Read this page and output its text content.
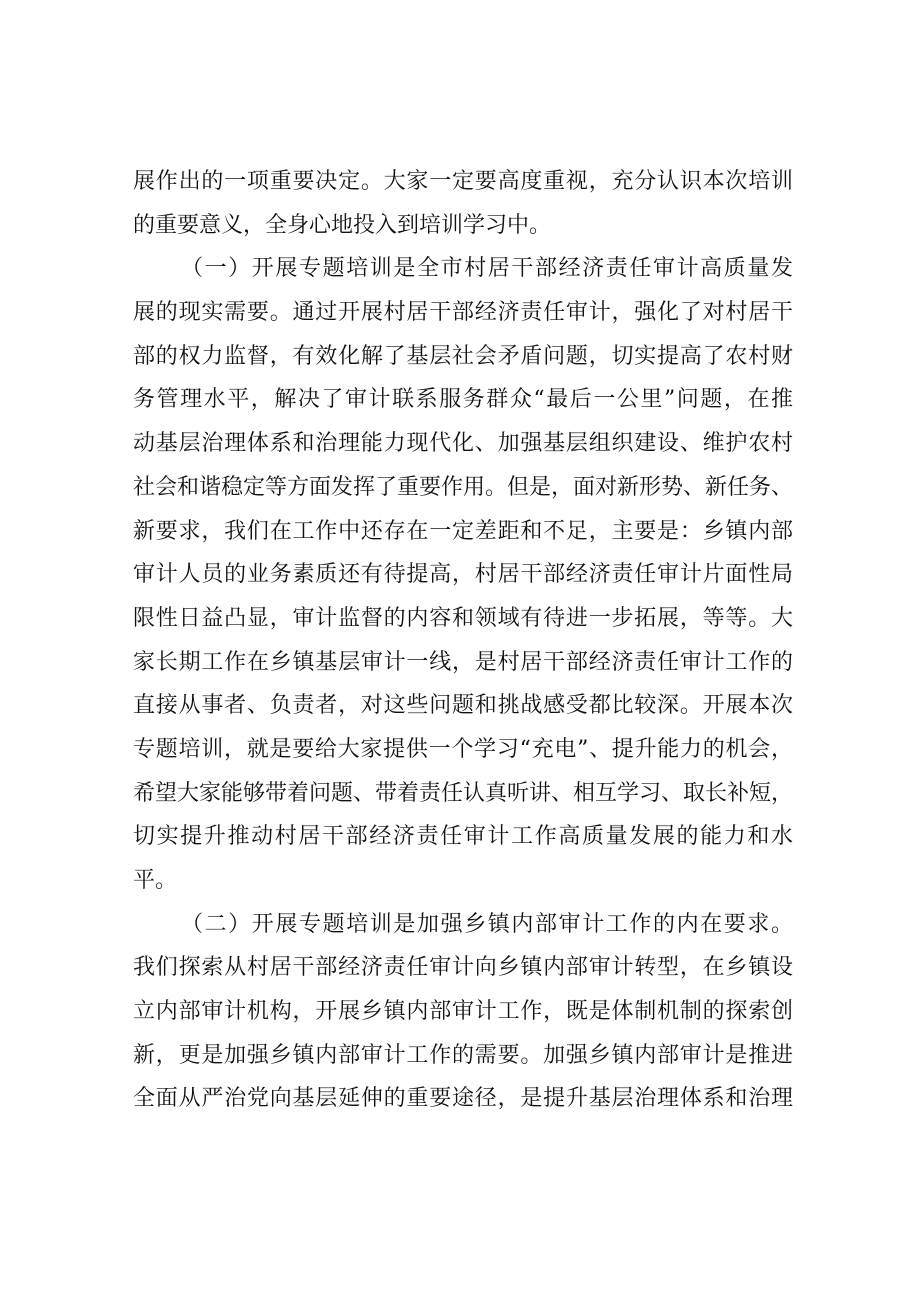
展作出的一项重要决定。大家一定要高度重视，充分认识本次培训
的重要意义，全身心地投入到培训学习中。
（一）开展专题培训是全市村居干部经济责任审计高质量发
展的现实需要。通过开展村居干部经济责任审计，强化了对村居干
部的权力监督，有效化解了基层社会矛盾问题，切实提高了农村财
务管理水平，解决了审计联系服务群众“最后一公里”问题，在推
动基层治理体系和治理能力现代化、加强基层组织建设、维护农村
社会和谐稳定等方面发挥了重要作用。但是，面对新形势、新任务、
新要求，我们在工作中还存在一定差距和不足，主要是：乡镇内部
审计人员的业务素质还有待提高，村居干部经济责任审计片面性局
限性日益凸显，审计监督的内容和领域有待进一步拓展，等等。大
家长期工作在乡镇基层审计一线，是村居干部经济责任审计工作的
直接从事者、负责者，对这些问题和挑战感受都比较深。开展本次
专题培训，就是要给大家提供一个学习“充电”、提升能力的机会，
希望大家能够带着问题、带着责任认真听讲、相互学习、取长补短，
切实提升推动村居干部经济责任审计工作高质量发展的能力和水
平。
（二）开展专题培训是加强乡镇内部审计工作的内在要求。
我们探索从村居干部经济责任审计向乡镇内部审计转型，在乡镇设
立内部审计机构，开展乡镇内部审计工作，既是体制机制的探索创
新，更是加强乡镇内部审计工作的需要。加强乡镇内部审计是推进
全面从严治党向基层延伸的重要途径，是提升基层治理体系和治理
